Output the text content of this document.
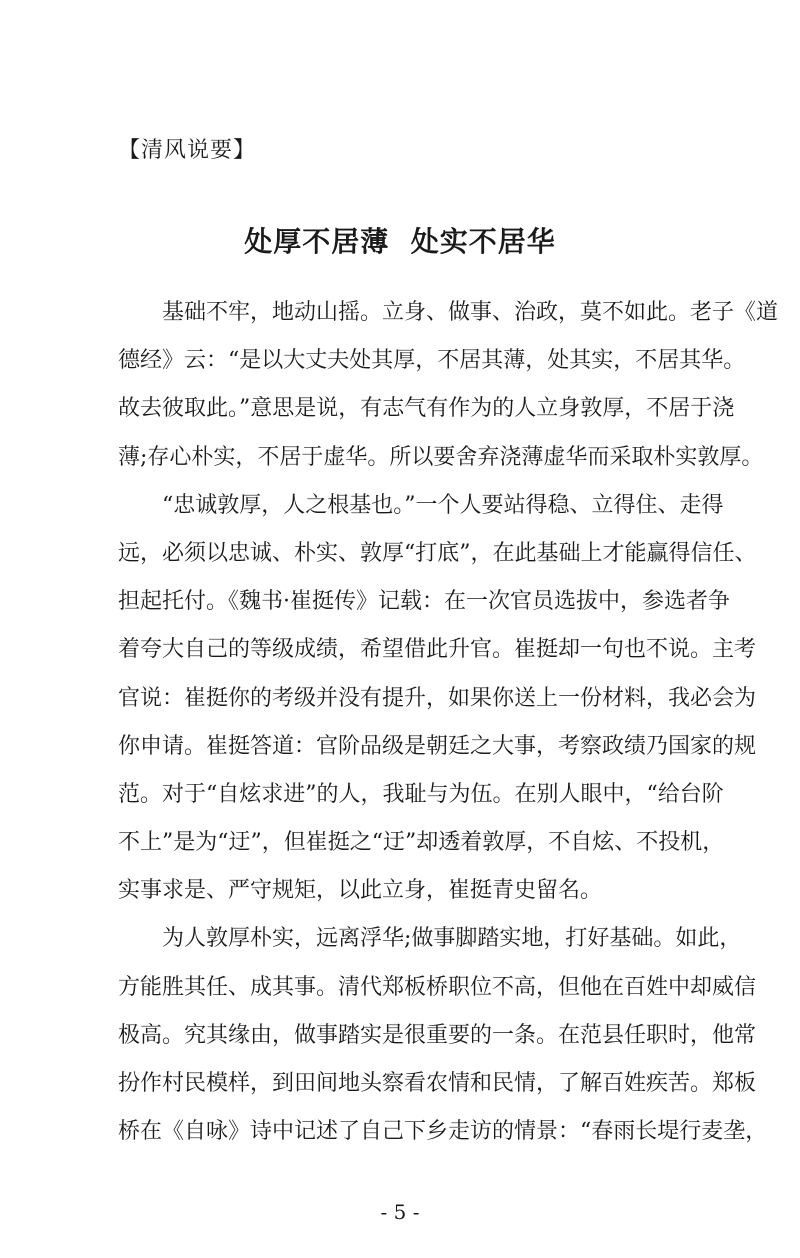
【清风说要】
处厚不居薄  处实不居华
基础不牢，地动山摇。立身、做事、治政，莫不如此。老子《道
德经》云：“是以大丈夫处其厚，不居其薄，处其实，不居其华。
故去彼取此。”意思是说，有志气有作为的人立身敦厚，不居于浇
薄;存心朴实，不居于虚华。所以要舍弃浇薄虚华而采取朴实敦厚。
“忠诚敦厚，人之根基也。”一个人要站得稳、立得住、走得
远，必须以忠诚、朴实、敦厚“打底”，在此基础上才能赢得信任、
担起托付。《魏书·崔挺传》记载：在一次官员选拔中，参选者争
着夸大自己的等级成绩，希望借此升官。崔挺却一句也不说。主考
官说：崔挺你的考级并没有提升，如果你送上一份材料，我必会为
你申请。崔挺答道：官阶品级是朝廷之大事，考察政绩乃国家的规
范。对于“自炫求进”的人，我耻与为伍。在别人眼中，“给台阶
不上”是为“迂”，但崔挺之“迂”却透着敦厚，不自炫、不投机，
实事求是、严守规矩，以此立身，崔挺青史留名。
为人敦厚朴实，远离浮华;做事脚踏实地，打好基础。如此，
方能胜其任、成其事。清代郑板桥职位不高，但他在百姓中却威信
极高。究其缘由，做事踏实是很重要的一条。在范县任职时，他常
扮作村民模样，到田间地头察看农情和民情，了解百姓疾苦。郑板
桥在《自咏》诗中记述了自己下乡走访的情景：“春雨长堤行麦垄，
- 5 -
